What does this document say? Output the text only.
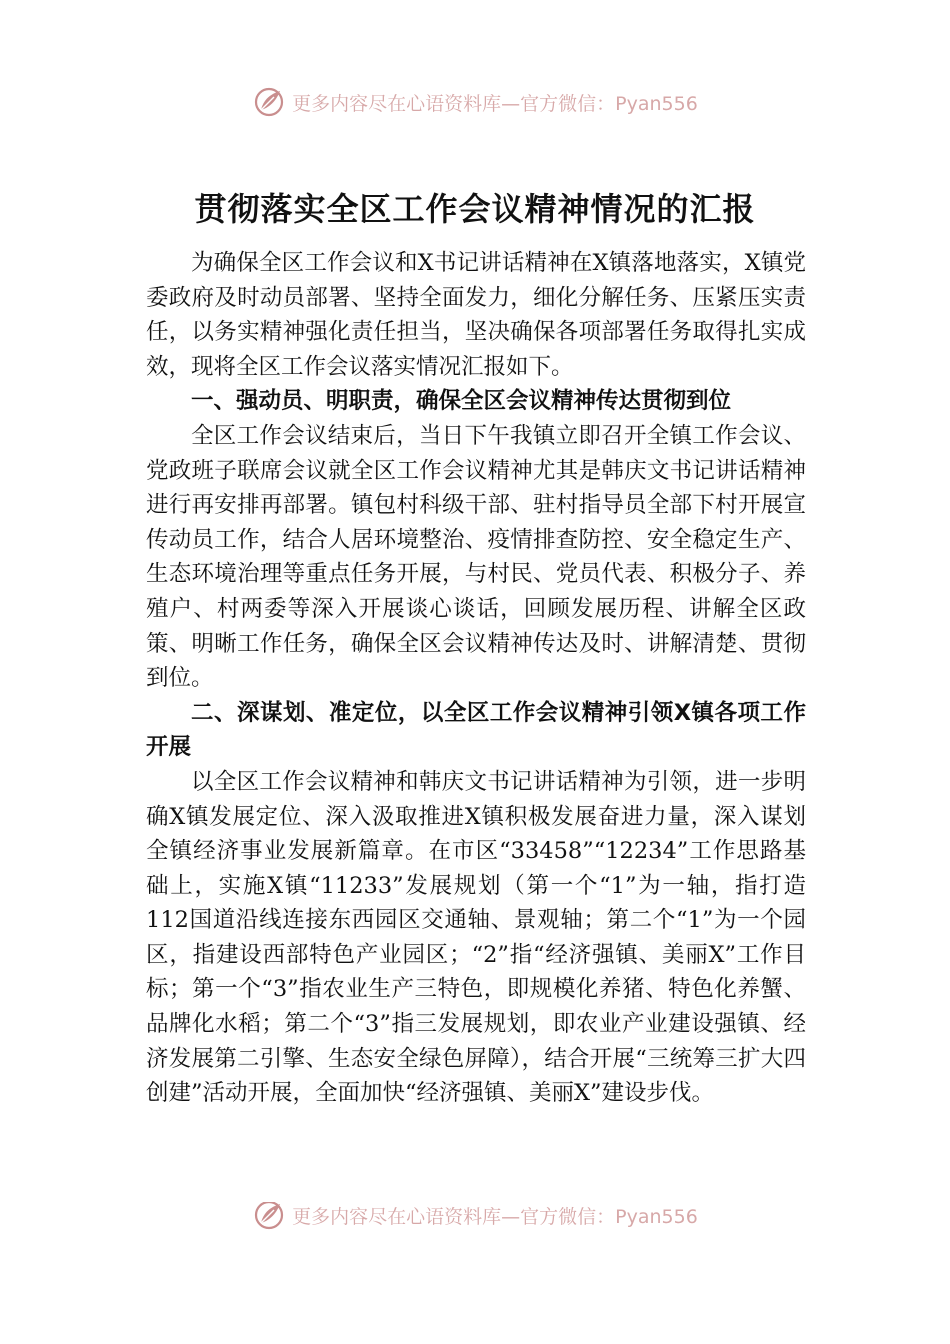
更多内容尽在心语资料库—官方微信：Pyan556
贯彻落实全区工作会议精神情况的汇报

为确保全区工作会议和X书记讲话精神在X镇落地落实，X镇党委政府及时动员部署、坚持全面发力，细化分解任务、压紧压实责任，以务实精神强化责任担当，坚决确保各项部署任务取得扎实成效，现将全区工作会议落实情况汇报如下。

一、强动员、明职责，确保全区会议精神传达贯彻到位

全区工作会议结束后，当日下午我镇立即召开全镇工作会议、党政班子联席会议就全区工作会议精神尤其是韩庆文书记讲话精神进行再安排再部署。镇包村科级干部、驻村指导员全部下村开展宣传动员工作，结合人居环境整治、疫情排查防控、安全稳定生产、生态环境治理等重点任务开展，与村民、党员代表、积极分子、养殖户、村两委等深入开展谈心谈话，回顾发展历程、讲解全区政策、明晰工作任务，确保全区会议精神传达及时、讲解清楚、贯彻到位。

二、深谋划、准定位，以全区工作会议精神引领X镇各项工作开展

以全区工作会议精神和韩庆文书记讲话精神为引领，进一步明确X镇发展定位、深入汲取推进X镇积极发展奋进力量，深入谋划全镇经济事业发展新篇章。在市区“33458”“12234”工作思路基础上，实施X镇“11233”发展规划（第一个“1”为一轴，指打造112国道沿线连接东西园区交通轴、景观轴；第二个“1”为一个园区，指建设西部特色产业园区；“2”指“经济强镇、美丽X”工作目标；第一个“3”指农业生产三特色，即规模化养猪、特色化养蟹、品牌化水稻；第二个“3”指三发展规划，即农业产业建设强镇、经济发展第二引擎、生态安全绿色屏障），结合开展“三统筹三扩大四创建”活动开展，全面加快“经济强镇、美丽X”建设步伐。

更多内容尽在心语资料库—官方微信：Pyan556
